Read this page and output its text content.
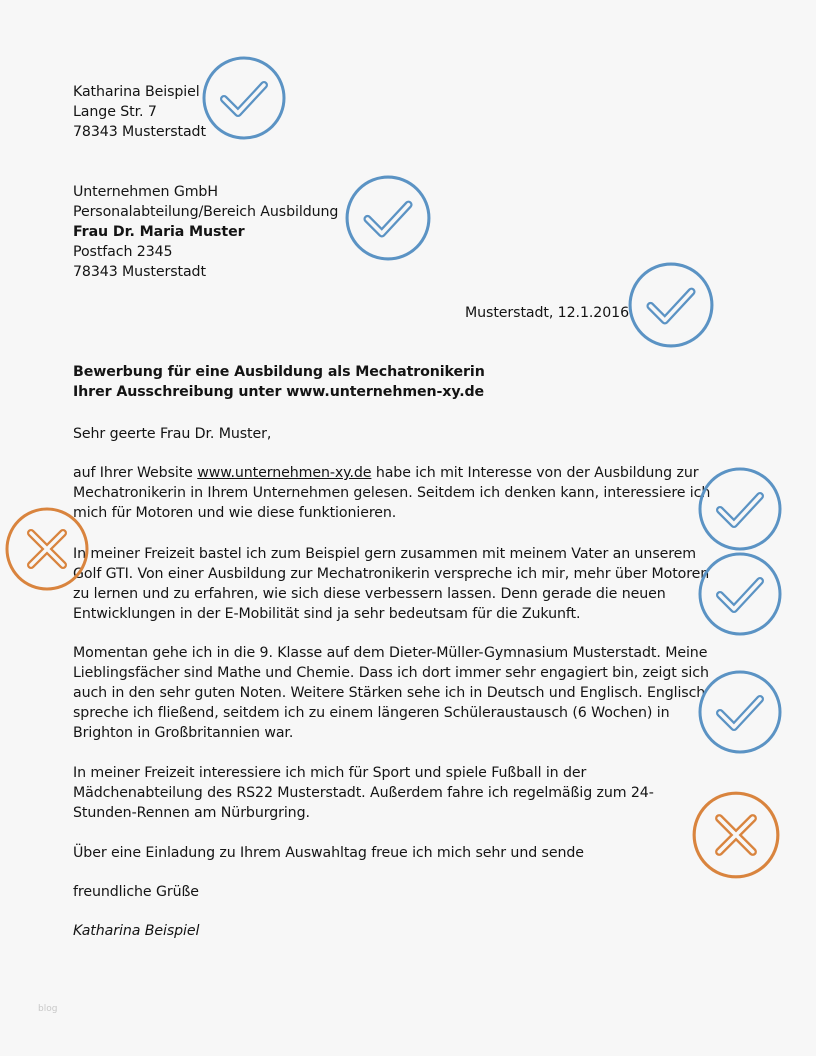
Katharina Beispiel
Lange Str. 7
78343 Musterstadt
Unternehmen GmbH
Personalabteilung/Bereich Ausbildung
Frau Dr. Maria Muster
Postfach 2345
78343 Musterstadt
Musterstadt, 12.1.2016
Bewerbung für eine Ausbildung als Mechatronikerin
Ihrer Ausschreibung unter www.unternehmen-xy.de
Sehr geerte Frau Dr. Muster,
auf Ihrer Website www.unternehmen-xy.de habe ich mit Interesse von der Ausbildung zur
Mechatronikerin in Ihrem Unternehmen gelesen. Seitdem ich denken kann, interessiere ich
mich für Motoren und wie diese funktionieren.
In meiner Freizeit bastel ich zum Beispiel gern zusammen mit meinem Vater an unserem
Golf GTI. Von einer Ausbildung zur Mechatronikerin verspreche ich mir, mehr über Motoren
zu lernen und zu erfahren, wie sich diese verbessern lassen. Denn gerade die neuen
Entwicklungen in der E-Mobilität sind ja sehr bedeutsam für die Zukunft.
Momentan gehe ich in die 9. Klasse auf dem Dieter-Müller-Gymnasium Musterstadt. Meine
Lieblingsfächer sind Mathe und Chemie. Dass ich dort immer sehr engagiert bin, zeigt sich
auch in den sehr guten Noten. Weitere Stärken sehe ich in Deutsch und Englisch. Englisch
spreche ich fließend, seitdem ich zu einem längeren Schüleraustausch (6 Wochen) in
Brighton in Großbritannien war.
In meiner Freizeit interessiere ich mich für Sport und spiele Fußball in der
Mädchenabteilung des RS22 Musterstadt. Außerdem fahre ich regelmäßig zum 24-
Stunden-Rennen am Nürburgring.
Über eine Einladung zu Ihrem Auswahltag freue ich mich sehr und sende
freundliche Grüße
Katharina Beispiel
blog
